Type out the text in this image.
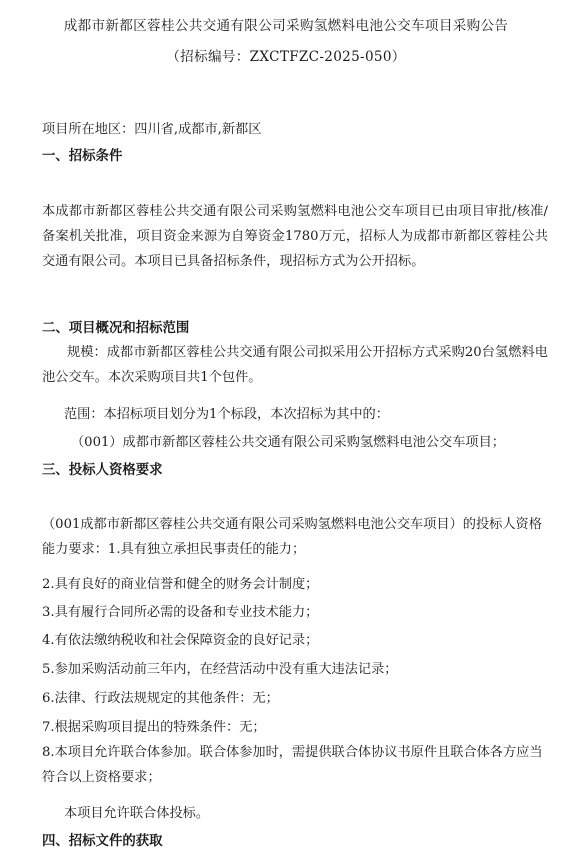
成都市新都区蓉桂公共交通有限公司采购氢燃料电池公交车项目采购公告
（招标编号：ZXCTFZC-2025-050）
项目所在地区：四川省,成都市,新都区
一、招标条件
本成都市新都区蓉桂公共交通有限公司采购氢燃料电池公交车项目已由项目审批/核准/备案机关批准，项目资金来源为自筹资金1780万元，招标人为成都市新都区蓉桂公共交通有限公司。本项目已具备招标条件，现招标方式为公开招标。
二、项目概况和招标范围
规模：成都市新都区蓉桂公共交通有限公司拟采用公开招标方式采购20台氢燃料电池公交车。本次采购项目共1个包件。
范围：本招标项目划分为1个标段，本次招标为其中的：
（001）成都市新都区蓉桂公共交通有限公司采购氢燃料电池公交车项目；
三、投标人资格要求
（001成都市新都区蓉桂公共交通有限公司采购氢燃料电池公交车项目）的投标人资格能力要求：1.具有独立承担民事责任的能力；
2.具有良好的商业信誉和健全的财务会计制度；
3.具有履行合同所必需的设备和专业技术能力；
4.有依法缴纳税收和社会保障资金的良好记录；
5.参加采购活动前三年内，在经营活动中没有重大违法记录；
6.法律、行政法规规定的其他条件：无；
7.根据采购项目提出的特殊条件：无；
8.本项目允许联合体参加。联合体参加时，需提供联合体协议书原件且联合体各方应当符合以上资格要求；
本项目允许联合体投标。
四、招标文件的获取
